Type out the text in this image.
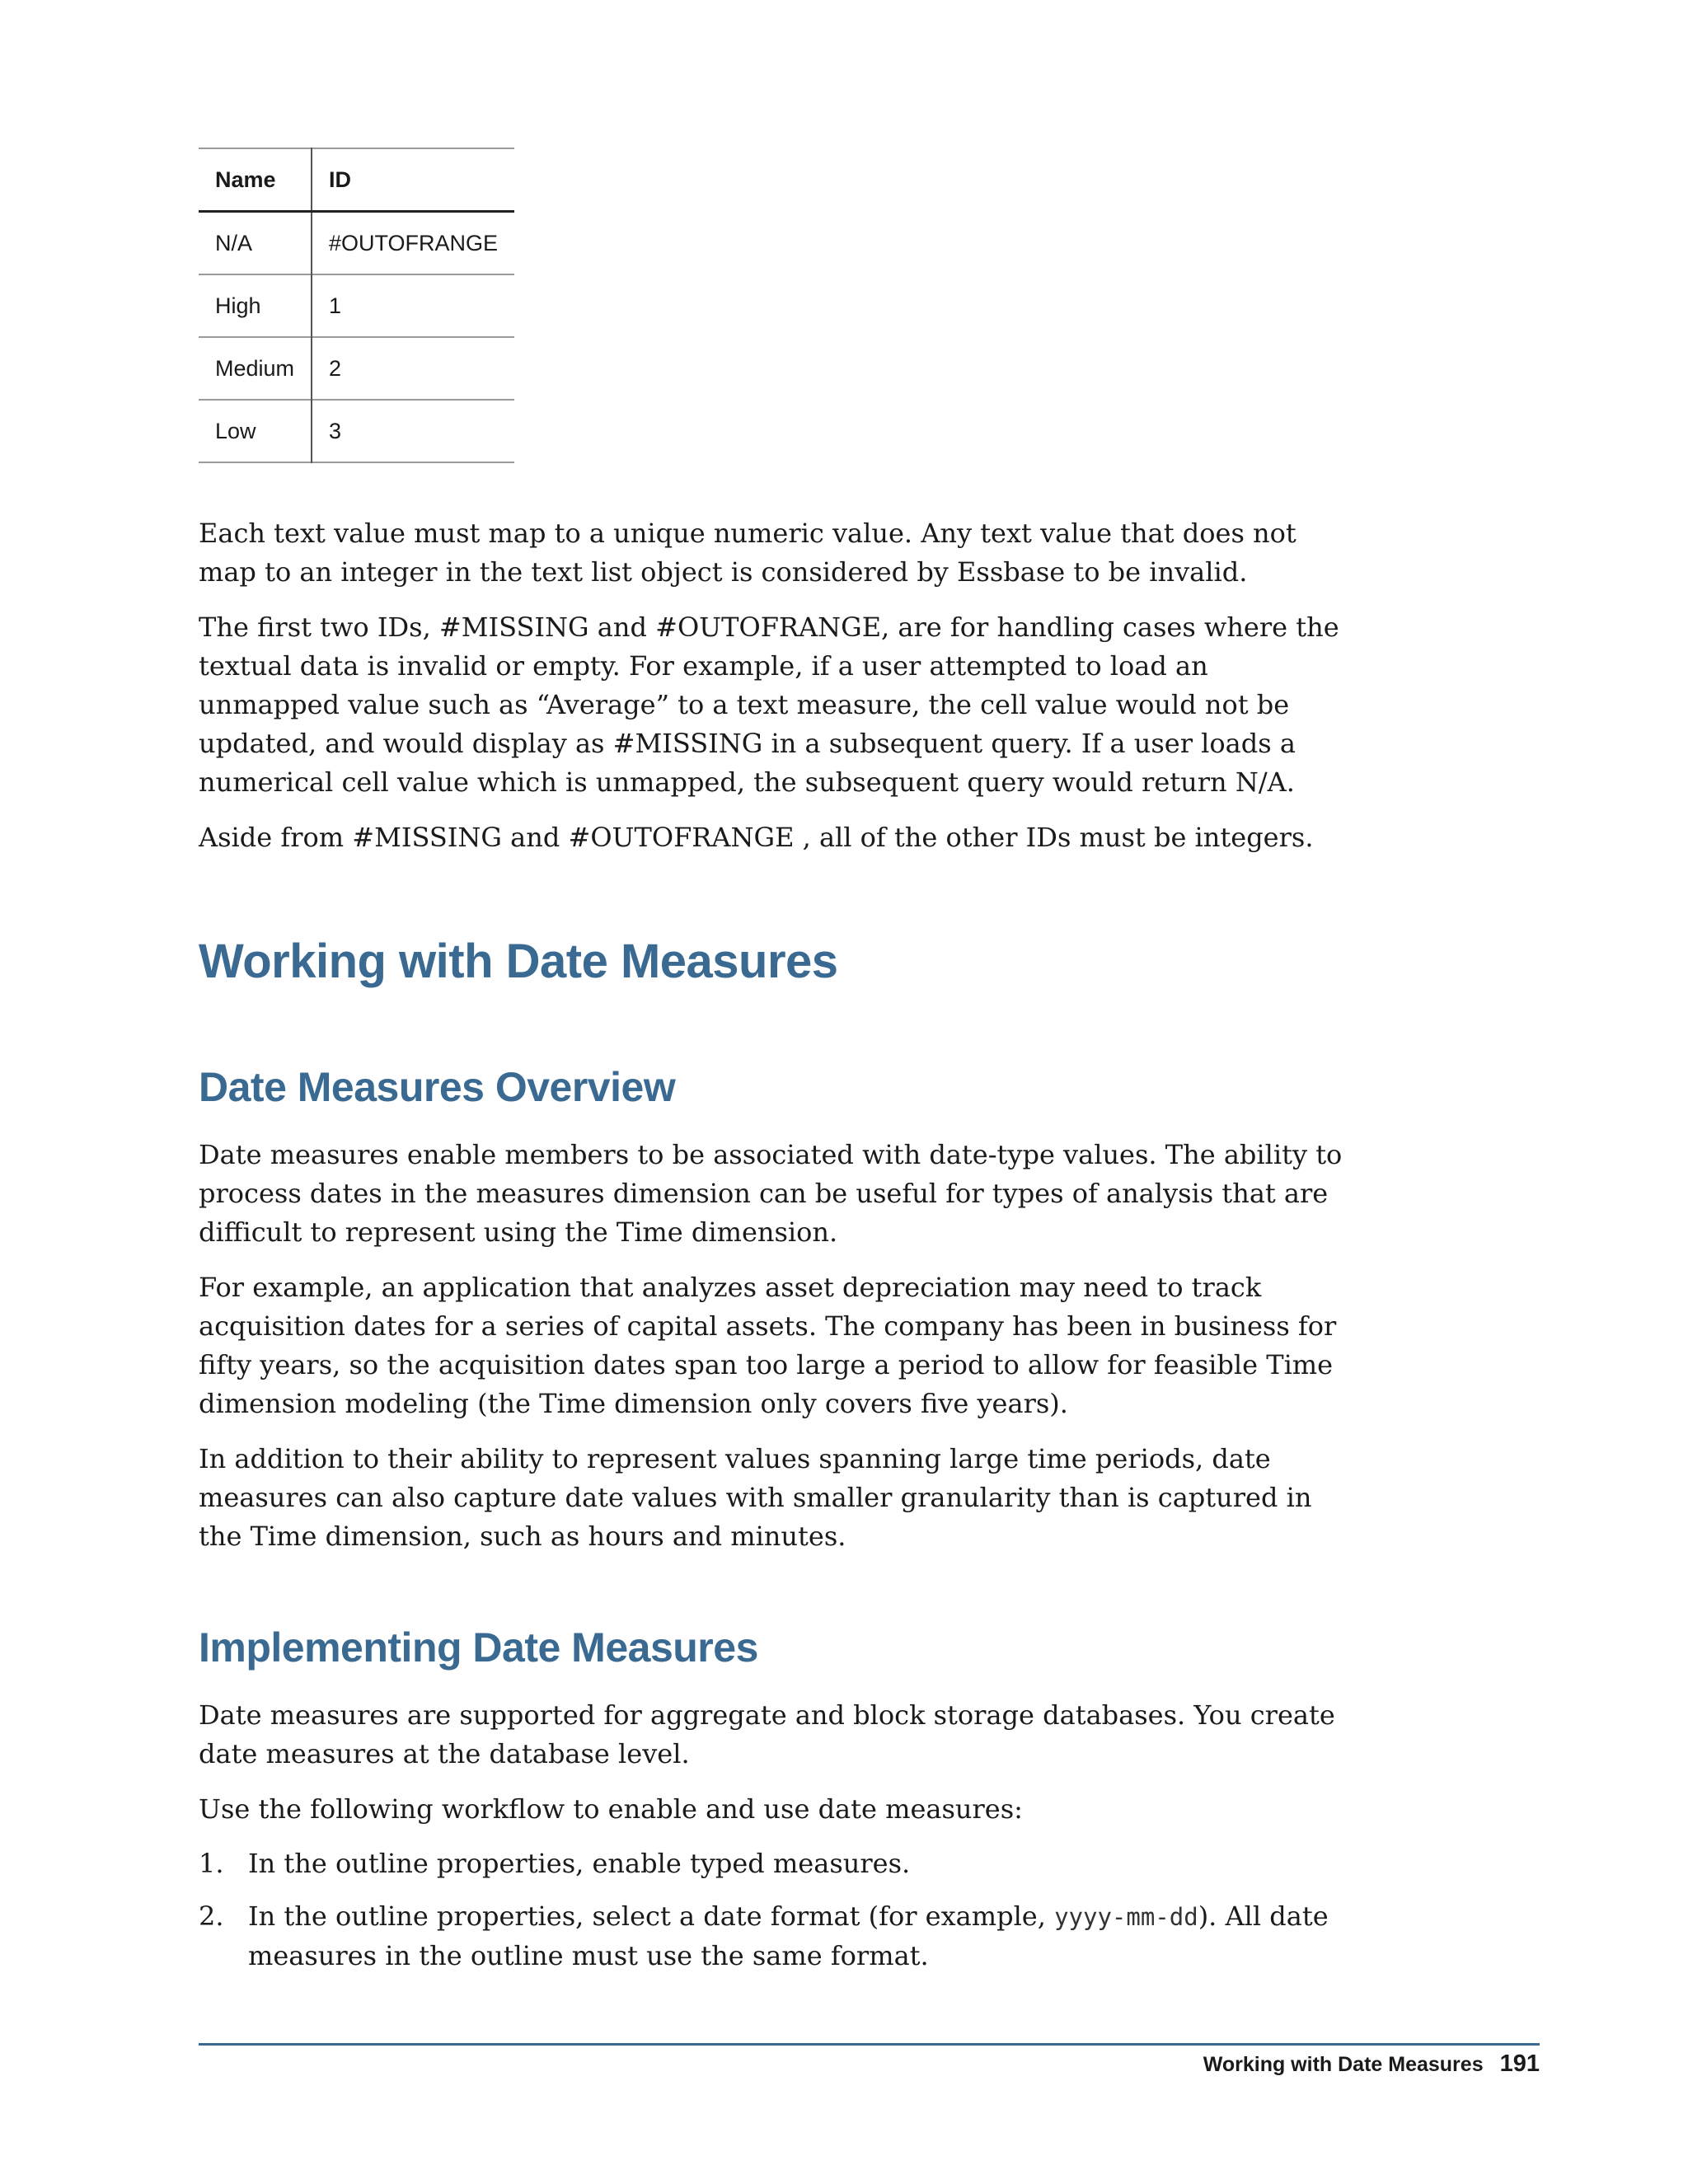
Name	ID
N/A	#OUTOFRANGE
High	1
Medium	2
Low	3

Each text value must map to a unique numeric value. Any text value that does not map to an integer in the text list object is considered by Essbase to be invalid.

The first two IDs, #MISSING and #OUTOFRANGE, are for handling cases where the textual data is invalid or empty. For example, if a user attempted to load an unmapped value such as “Average” to a text measure, the cell value would not be updated, and would display as #MISSING in a subsequent query. If a user loads a numerical cell value which is unmapped, the subsequent query would return N/A.

Aside from #MISSING and #OUTOFRANGE , all of the other IDs must be integers.

Working with Date Measures
Date Measures Overview

Date measures enable members to be associated with date-type values. The ability to process dates in the measures dimension can be useful for types of analysis that are difficult to represent using the Time dimension.

For example, an application that analyzes asset depreciation may need to track acquisition dates for a series of capital assets. The company has been in business for fifty years, so the acquisition dates span too large a period to allow for feasible Time dimension modeling (the Time dimension only covers five years).

In addition to their ability to represent values spanning large time periods, date measures can also capture date values with smaller granularity than is captured in the Time dimension, such as hours and minutes.

Implementing Date Measures

Date measures are supported for aggregate and block storage databases. You create date measures at the database level.

Use the following workflow to enable and use date measures:

1. In the outline properties, enable typed measures.
2. In the outline properties, select a date format (for example, yyyy-mm-dd). All date measures in the outline must use the same format.
Working with Date Measures 191
